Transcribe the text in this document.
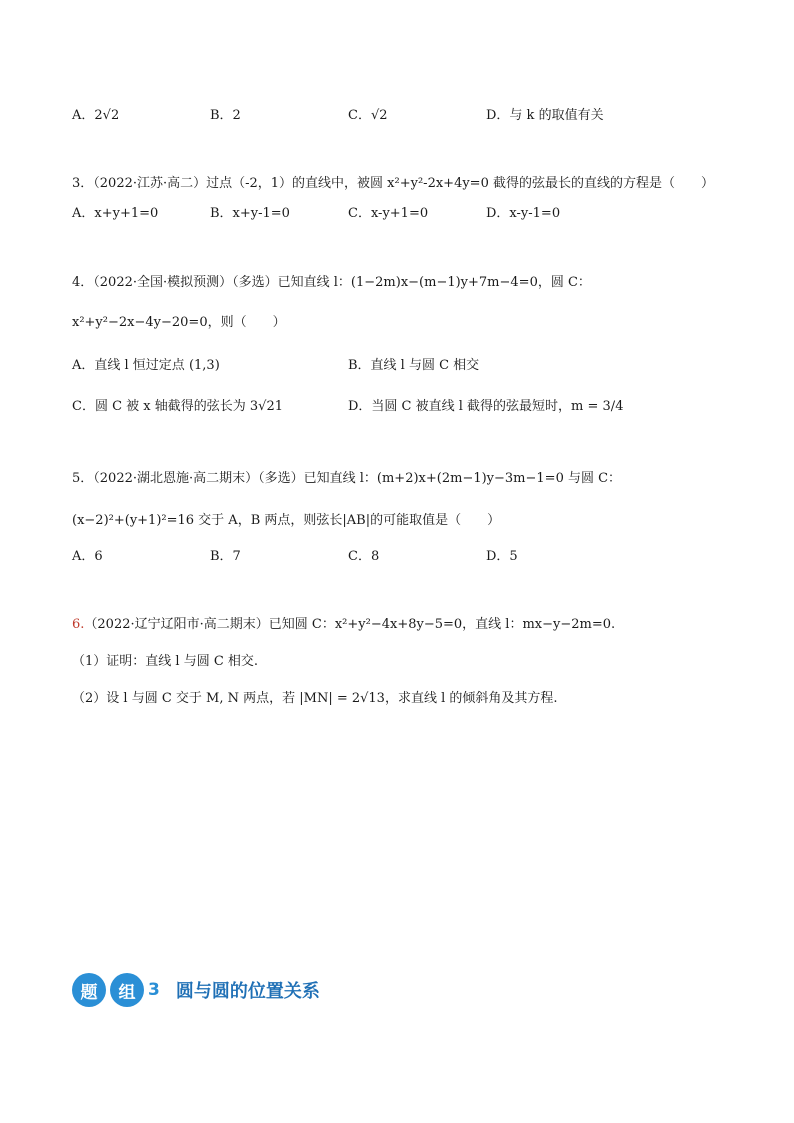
A．2√2	B．2	C．√2	D．与 k 的取值有关
3．（2022·江苏·高二）过点（-2，1）的直线中，被圆 x²+y²-2x+4y=0 截得的弦最长的直线的方程是（　　）
A．x+y+1=0	B．x+y-1=0	C．x-y+1=0	D．x-y-1=0
4．（2022·全国·模拟预测）（多选）已知直线 l：(1−2m)x−(m−1)y+7m−4=0，圆 C：
x²+y²−2x−4y−20=0，则（　　）
A．直线 l 恒过定点 (1,3)	B．直线 l 与圆 C 相交
C．圆 C 被 x 轴截得的弦长为 3√21	D．当圆 C 被直线 l 截得的弦最短时，m = 3/4
5．（2022·湖北恩施·高二期末）（多选）已知直线 l：(m+2)x+(2m−1)y−3m−1=0 与圆 C：
(x−2)²+(y+1)²=16 交于 A，B 两点，则弦长|AB|的可能取值是（　　）
A．6	B．7	C．8	D．5
6.（2022·辽宁辽阳市·高二期末）已知圆 C：x²+y²−4x+8y−5=0，直线 l：mx−y−2m=0.
（1）证明：直线 l 与圆 C 相交.
（2）设 l 与圆 C 交于 M, N 两点，若 |MN| = 2√13，求直线 l 的倾斜角及其方程.
题	组 3 圆与圆的位置关系
